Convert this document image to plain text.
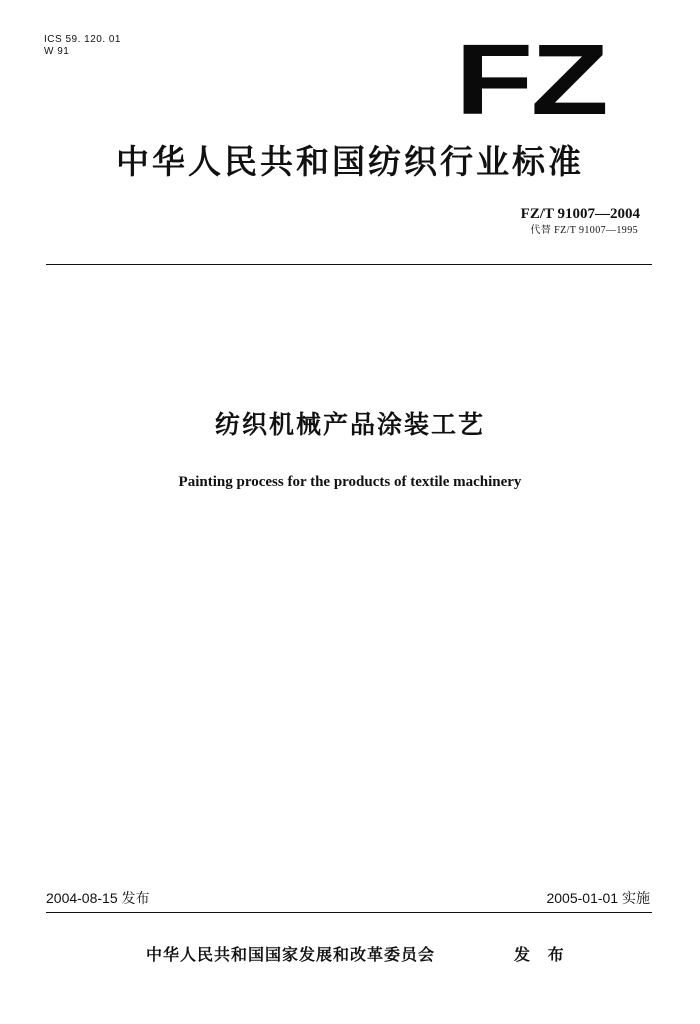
ICS 59. 120. 01
W 91	FZ
中华人民共和国纺织行业标准
FZ/T 91007—2004
代替 FZ/T 91007—1995
纺织机械产品涂装工艺
Painting process for the products of textile machinery
2004-08-15 发布	2005-01-01 实施
中华人民共和国国家发展和改革委员会	发 布
